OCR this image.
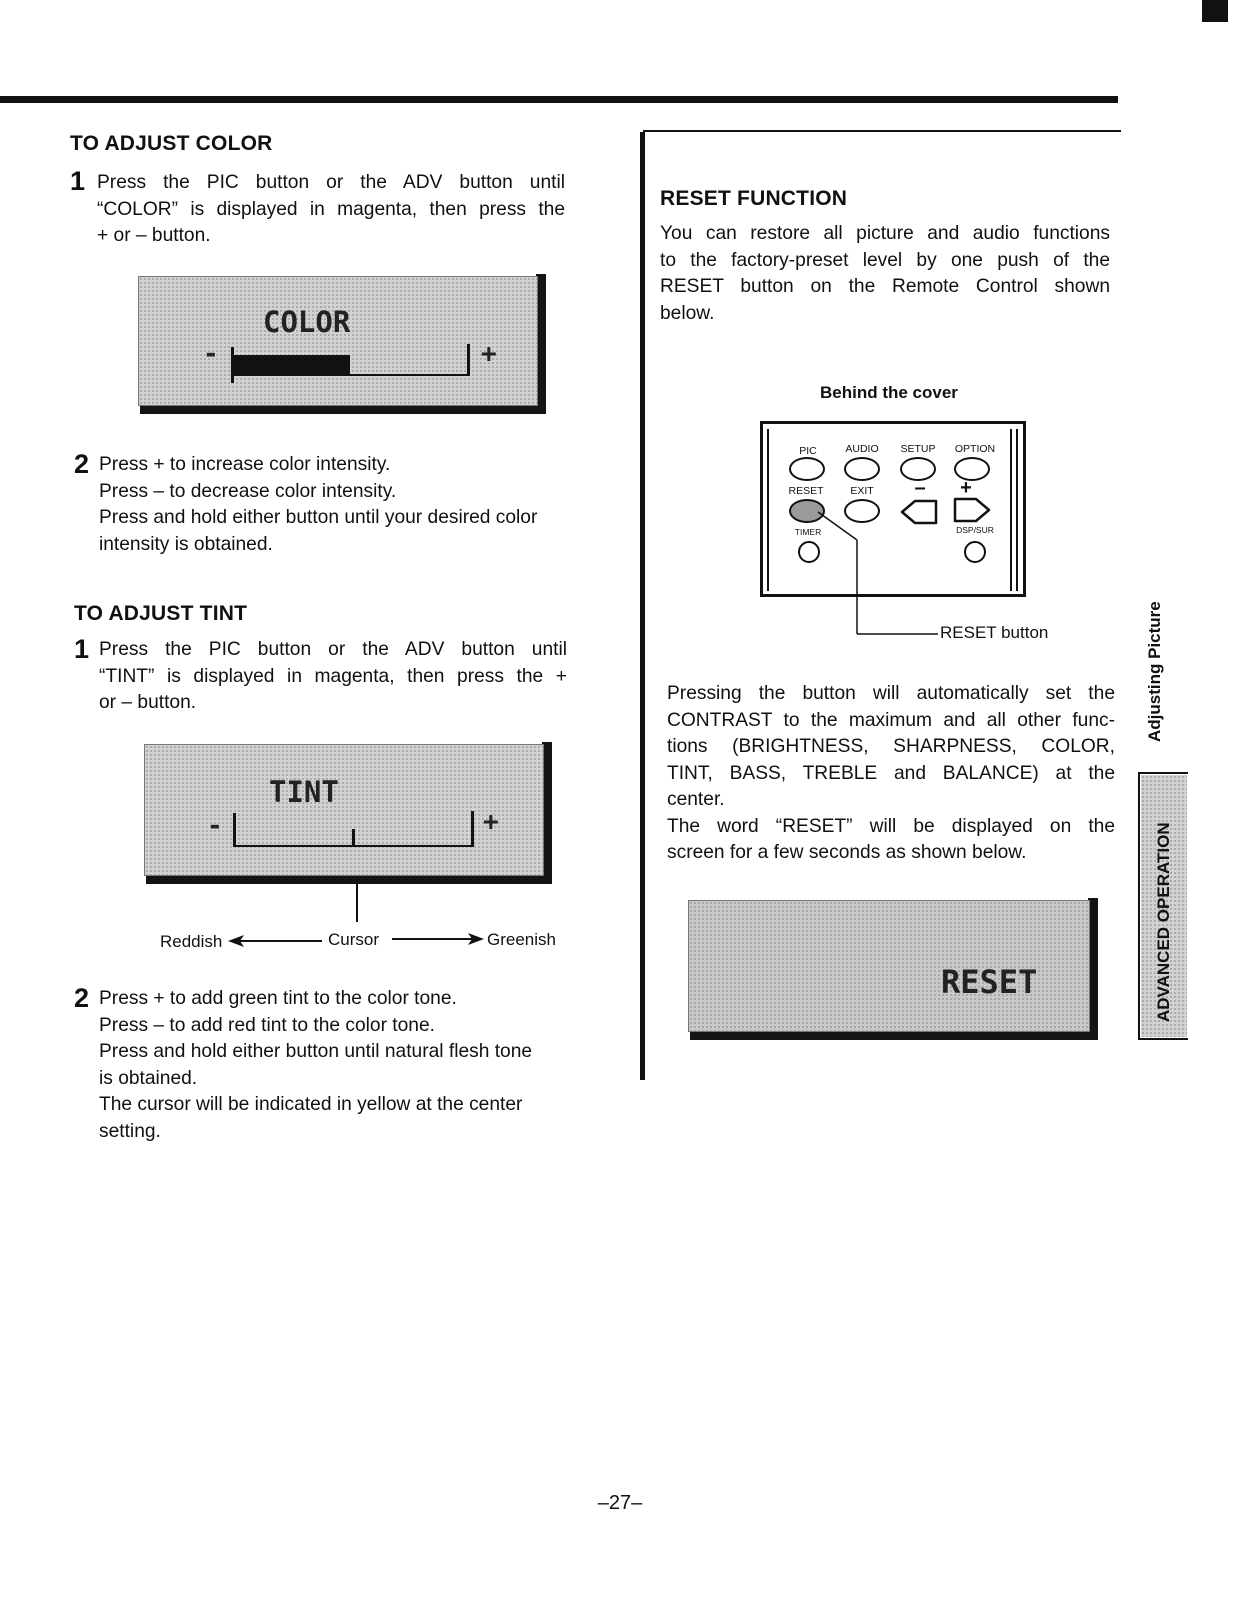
TO ADJUST COLOR
1 Press the PIC button or the ADV button until
“COLOR” is displayed in magenta, then press the
+ or – button.
COLOR
-	+
2 Press + to increase color intensity.
Press – to decrease color intensity.
Press and hold either button until your desired color
intensity is obtained.
TO ADJUST TINT
1 Press the PIC button or the ADV button until
“TINT” is displayed in magenta, then press the +
or – button.
TINT
-	+
Reddish	Cursor	Greenish
2 Press + to add green tint to the color tone.
Press – to add red tint to the color tone.
Press and hold either button until natural flesh tone
is obtained.
The cursor will be indicated in yellow at the center
setting.
RESET FUNCTION
You can restore all picture and audio functions
to the factory-preset level by one push of the
RESET button on the Remote Control shown
below.
Behind the cover
PIC	AUDIO	SETUP	OPTION
RESET	EXIT	– +
TIMER	DSP/SUR
RESET button
Pressing the button will automatically set the
CONTRAST to the maximum and all other func-
tions (BRIGHTNESS, SHARPNESS, COLOR,
TINT, BASS, TREBLE and BALANCE) at the
center.
The word “RESET” will be displayed on the
screen for a few seconds as shown below.
RESET
Adjusting Picture
ADVANCED OPERATION
–27–
